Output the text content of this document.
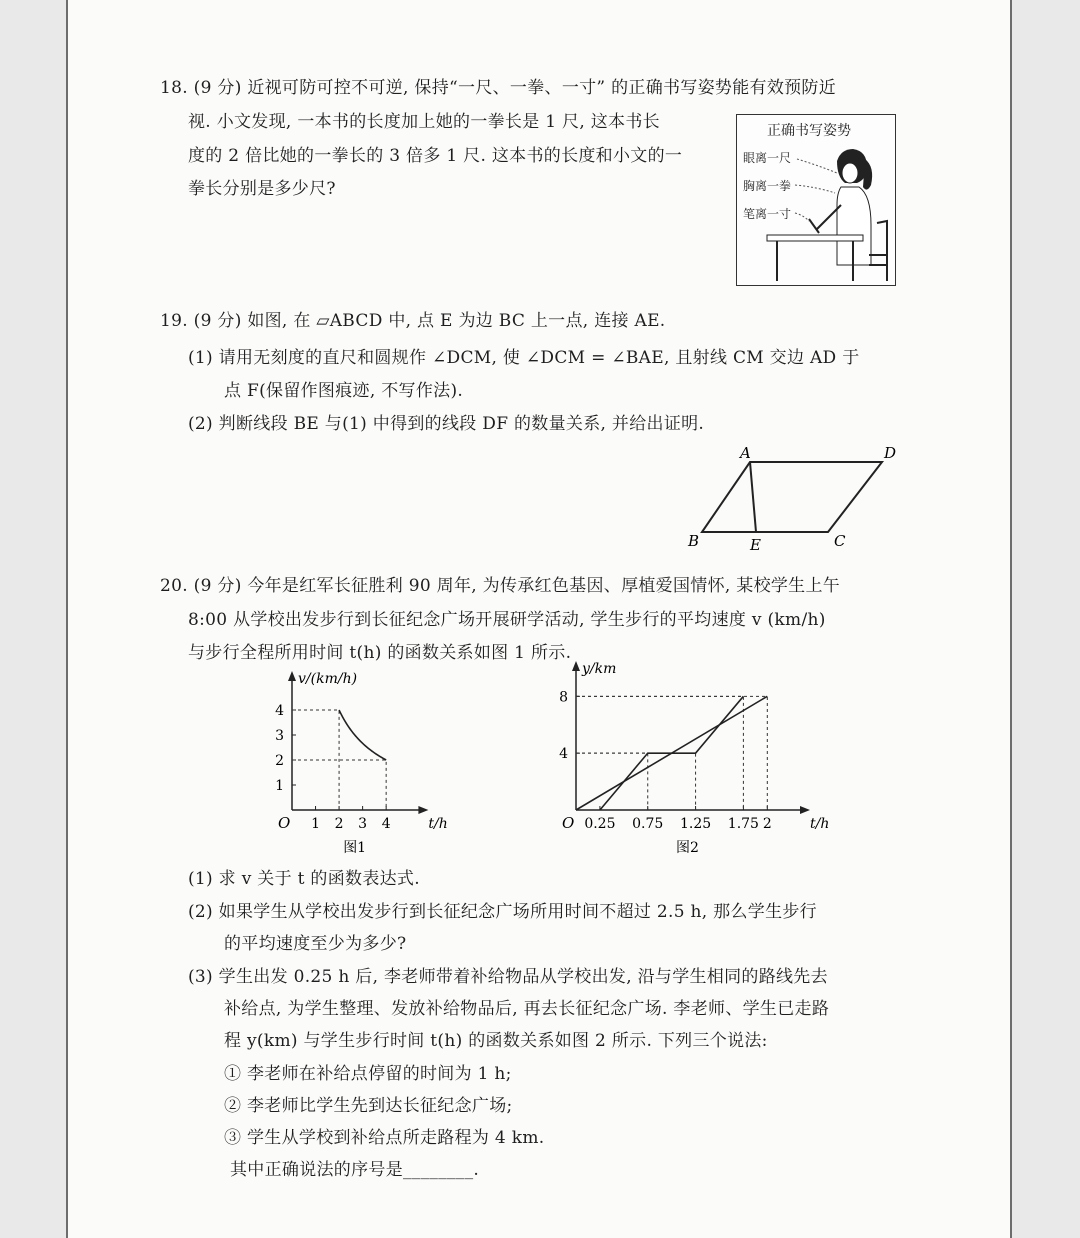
18. (9 分) 近视可防可控不可逆, 保持“一尺、一拳、一寸” 的正确书写姿势能有效预防近
视. 小文发现, 一本书的长度加上她的一拳长是 1 尺, 这本书长
度的 2 倍比她的一拳长的 3 倍多 1 尺. 这本书的长度和小文的一
拳长分别是多少尺?
正确书写姿势
眼离一尺
胸离一拳
笔离一寸
19. (9 分) 如图, 在 ▱ABCD 中, 点 E 为边 BC 上一点, 连接 AE.
(1) 请用无刻度的直尺和圆规作 ∠DCM, 使 ∠DCM = ∠BAE, 且射线 CM 交边 AD 于
点 F(保留作图痕迹, 不写作法).
(2) 判断线段 BE 与(1) 中得到的线段 DF 的数量关系, 并给出证明.
A	D
B	E	C
20. (9 分) 今年是红军长征胜利 90 周年, 为传承红色基因、厚植爱国情怀, 某校学生上午
8:00 从学校出发步行到长征纪念广场开展研学活动, 学生步行的平均速度 v (km/h)
与步行全程所用时间 t(h) 的函数关系如图 1 所示.
v/(km/h)
t/h
O 1 2 3 4
1
2
3
4
图1
y/km
t/h
O 0.25 0.75 1.25 1.75 2
4
8
图2
(1) 求 v 关于 t 的函数表达式.
(2) 如果学生从学校出发步行到长征纪念广场所用时间不超过 2.5 h, 那么学生步行
的平均速度至少为多少?
(3) 学生出发 0.25 h 后, 李老师带着补给物品从学校出发, 沿与学生相同的路线先去
补给点, 为学生整理、发放补给物品后, 再去长征纪念广场. 李老师、学生已走路
程 y(km) 与学生步行时间 t(h) 的函数关系如图 2 所示. 下列三个说法:
① 李老师在补给点停留的时间为 1 h;
② 李老师比学生先到达长征纪念广场;
③ 学生从学校到补给点所走路程为 4 km.
其中正确说法的序号是________.
